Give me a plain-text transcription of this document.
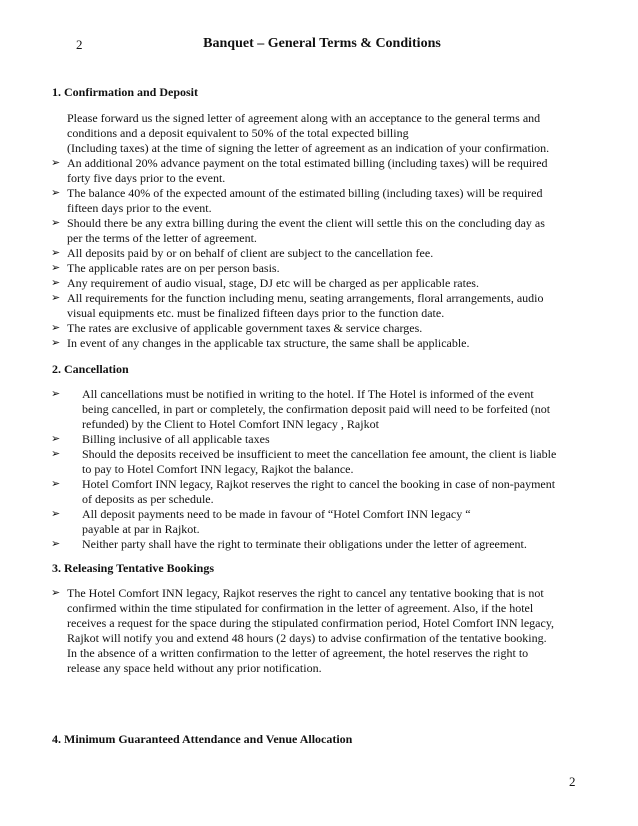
2	Banquet – General Terms & Conditions
1. Confirmation and Deposit
Please forward us the signed letter of agreement along with an acceptance to the general terms and
conditions and a deposit equivalent to 50% of the total expected billing
(Including taxes) at the time of signing the letter of agreement as an indication of your confirmation.
➢ An additional 20% advance payment on the total estimated billing (including taxes) will be required
forty five days prior to the event.
➢ The balance 40% of the expected amount of the estimated billing (including taxes) will be required
fifteen days prior to the event.
➢ Should there be any extra billing during the event the client will settle this on the concluding day as
per the terms of the letter of agreement.
➢ All deposits paid by or on behalf of client are subject to the cancellation fee.
➢ The applicable rates are on per person basis.
➢ Any requirement of audio visual, stage, DJ etc will be charged as per applicable rates.
➢ All requirements for the function including menu, seating arrangements, floral arrangements, audio
visual equipments etc. must be finalized fifteen days prior to the function date.
➢ The rates are exclusive of applicable government taxes & service charges.
➢ In event of any changes in the applicable tax structure, the same shall be applicable.
2. Cancellation
➢ All cancellations must be notified in writing to the hotel. If The Hotel is informed of the event
being cancelled, in part or completely, the confirmation deposit paid will need to be forfeited (not
refunded) by the Client to Hotel Comfort INN legacy , Rajkot
➢ Billing inclusive of all applicable taxes
➢ Should the deposits received be insufficient to meet the cancellation fee amount, the client is liable
to pay to Hotel Comfort INN legacy, Rajkot the balance.
➢ Hotel Comfort INN legacy, Rajkot reserves the right to cancel the booking in case of non-payment
of deposits as per schedule.
➢ All deposit payments need to be made in favour of “Hotel Comfort INN legacy “
payable at par in Rajkot.
➢ Neither party shall have the right to terminate their obligations under the letter of agreement.
3. Releasing Tentative Bookings
➢ The Hotel Comfort INN legacy, Rajkot reserves the right to cancel any tentative booking that is not
confirmed within the time stipulated for confirmation in the letter of agreement. Also, if the hotel
receives a request for the space during the stipulated confirmation period, Hotel Comfort INN legacy,
Rajkot will notify you and extend 48 hours (2 days) to advise confirmation of the tentative booking.
In the absence of a written confirmation to the letter of agreement, the hotel reserves the right to
release any space held without any prior notification.
4. Minimum Guaranteed Attendance and Venue Allocation
2
